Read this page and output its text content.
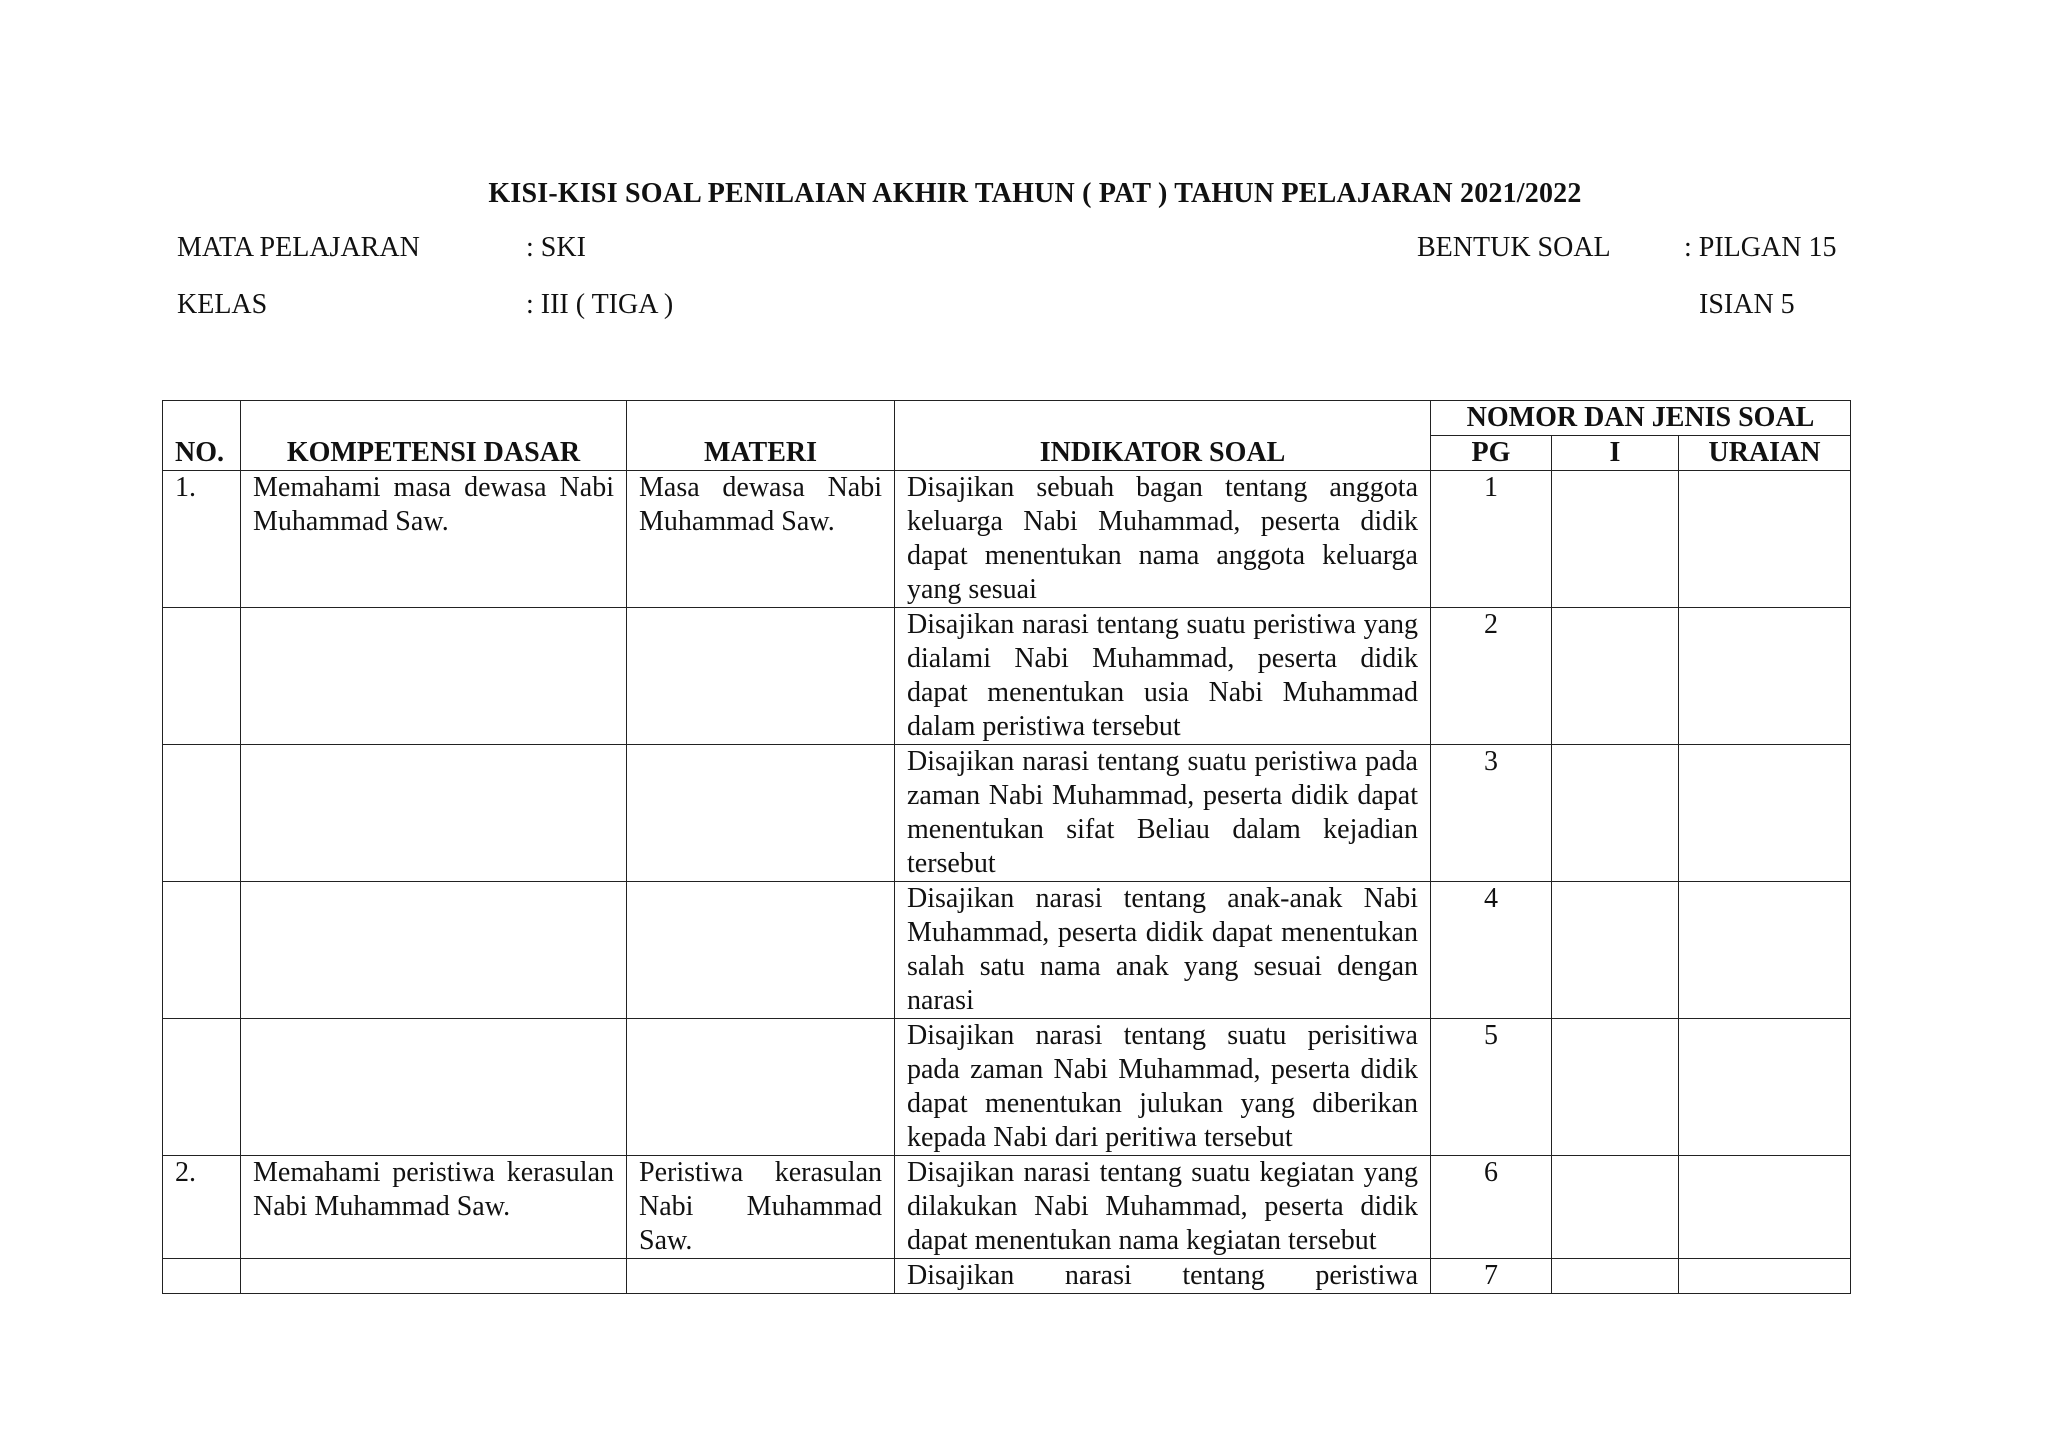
KISI-KISI SOAL PENILAIAN AKHIR TAHUN ( PAT ) TAHUN PELAJARAN 2021/2022
MATA PELAJARAN	: SKI
KELAS	: III ( TIGA )
BENTUK SOAL	: PILGAN 15
ISIAN 5
NO.	KOMPETENSI DASAR	MATERI	INDIKATOR SOAL	NOMOR DAN JENIS SOAL		
				PG	I	URAIAN
1.	Memahami masa dewasa Nabi Muhammad Saw.	Masa dewasa Nabi Muhammad Saw.	Disajikan sebuah bagan tentang anggota keluarga Nabi Muhammad, peserta didik dapat menentukan nama anggota keluarga yang sesuai	1		
			Disajikan narasi tentang suatu peristiwa yang dialami Nabi Muhammad, peserta didik dapat menentukan usia Nabi Muhammad dalam peristiwa tersebut	2		
			Disajikan narasi tentang suatu peristiwa pada zaman Nabi Muhammad, peserta didik dapat menentukan sifat Beliau dalam kejadian tersebut	3		
			Disajikan narasi tentang anak-anak Nabi Muhammad, peserta didik dapat menentukan salah satu nama anak yang sesuai dengan narasi	4		
			Disajikan narasi tentang suatu perisitiwa pada zaman Nabi Muhammad, peserta didik dapat menentukan julukan yang diberikan kepada Nabi dari peritiwa tersebut	5		
2.	Memahami peristiwa kerasulan Nabi Muhammad Saw.	Peristiwa kerasulan Nabi Muhammad Saw.	Disajikan narasi tentang suatu kegiatan yang dilakukan Nabi Muhammad, peserta didik dapat menentukan nama kegiatan tersebut	6		
			Disajikan narasi tentang peristiwa	7		
